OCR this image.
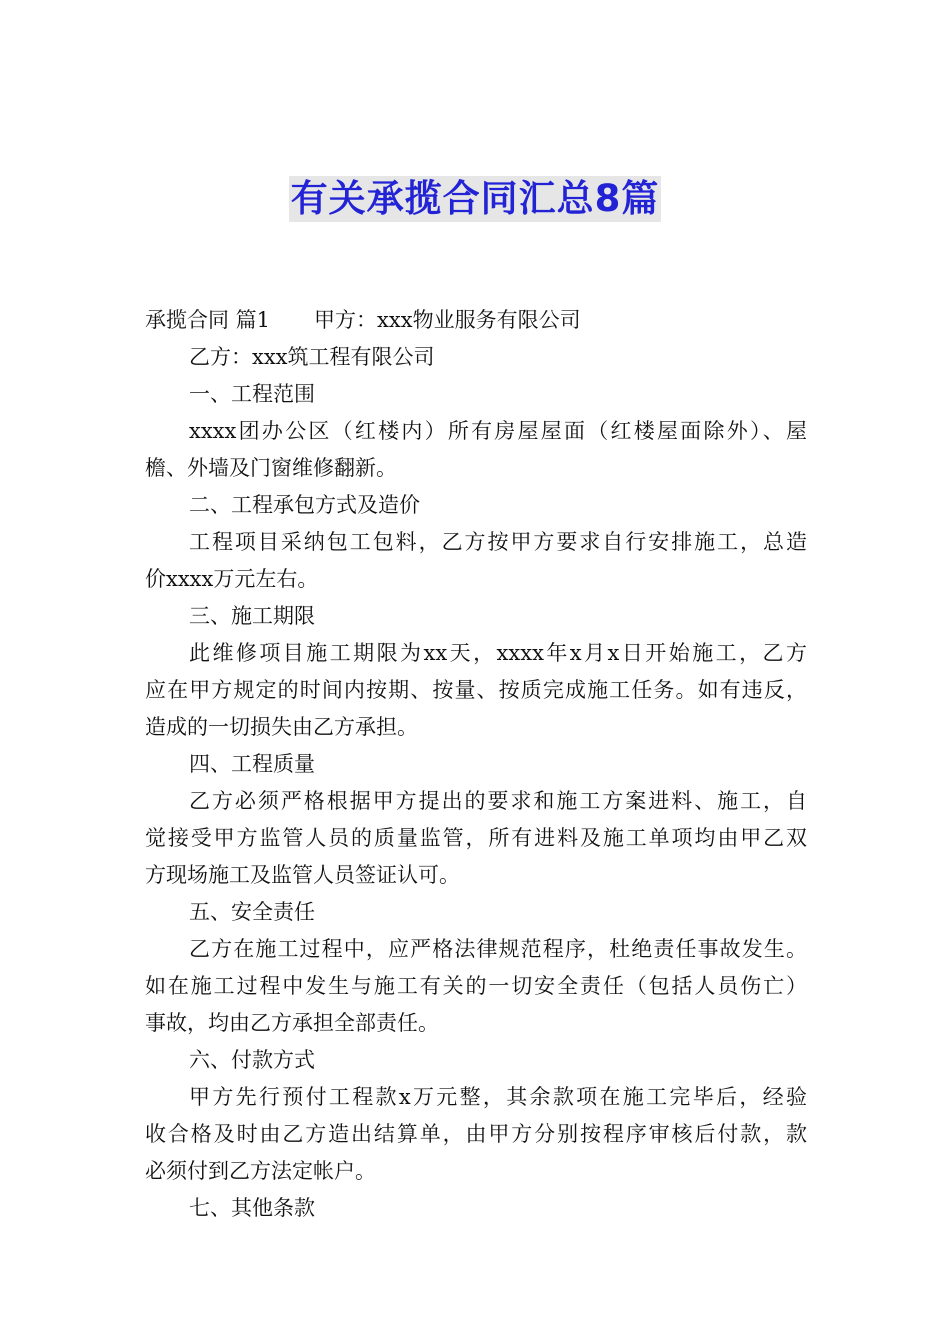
有关承揽合同汇总8篇

承揽合同 篇1 甲方：xxx物业服务有限公司

乙方：xxx筑工程有限公司

一、工程范围

xxxx团办公区（红楼内）所有房屋屋面（红楼屋面除外）、屋

檐、外墙及门窗维修翻新。

二、工程承包方式及造价

工程项目采纳包工包料，乙方按甲方要求自行安排施工，总造

价xxxx万元左右。

三、施工期限

此维修项目施工期限为xx天，xxxx年x月x日开始施工，乙方

应在甲方规定的时间内按期、按量、按质完成施工任务。如有违反，

造成的一切损失由乙方承担。

四、工程质量

乙方必须严格根据甲方提出的要求和施工方案进料、施工，自

觉接受甲方监管人员的质量监管，所有进料及施工单项均由甲乙双

方现场施工及监管人员签证认可。

五、安全责任

乙方在施工过程中，应严格法律规范程序，杜绝责任事故发生。

如在施工过程中发生与施工有关的一切安全责任（包括人员伤亡）

事故，均由乙方承担全部责任。

六、付款方式

甲方先行预付工程款x万元整，其余款项在施工完毕后，经验

收合格及时由乙方造出结算单，由甲方分别按程序审核后付款，款

必须付到乙方法定帐户。

七、其他条款
